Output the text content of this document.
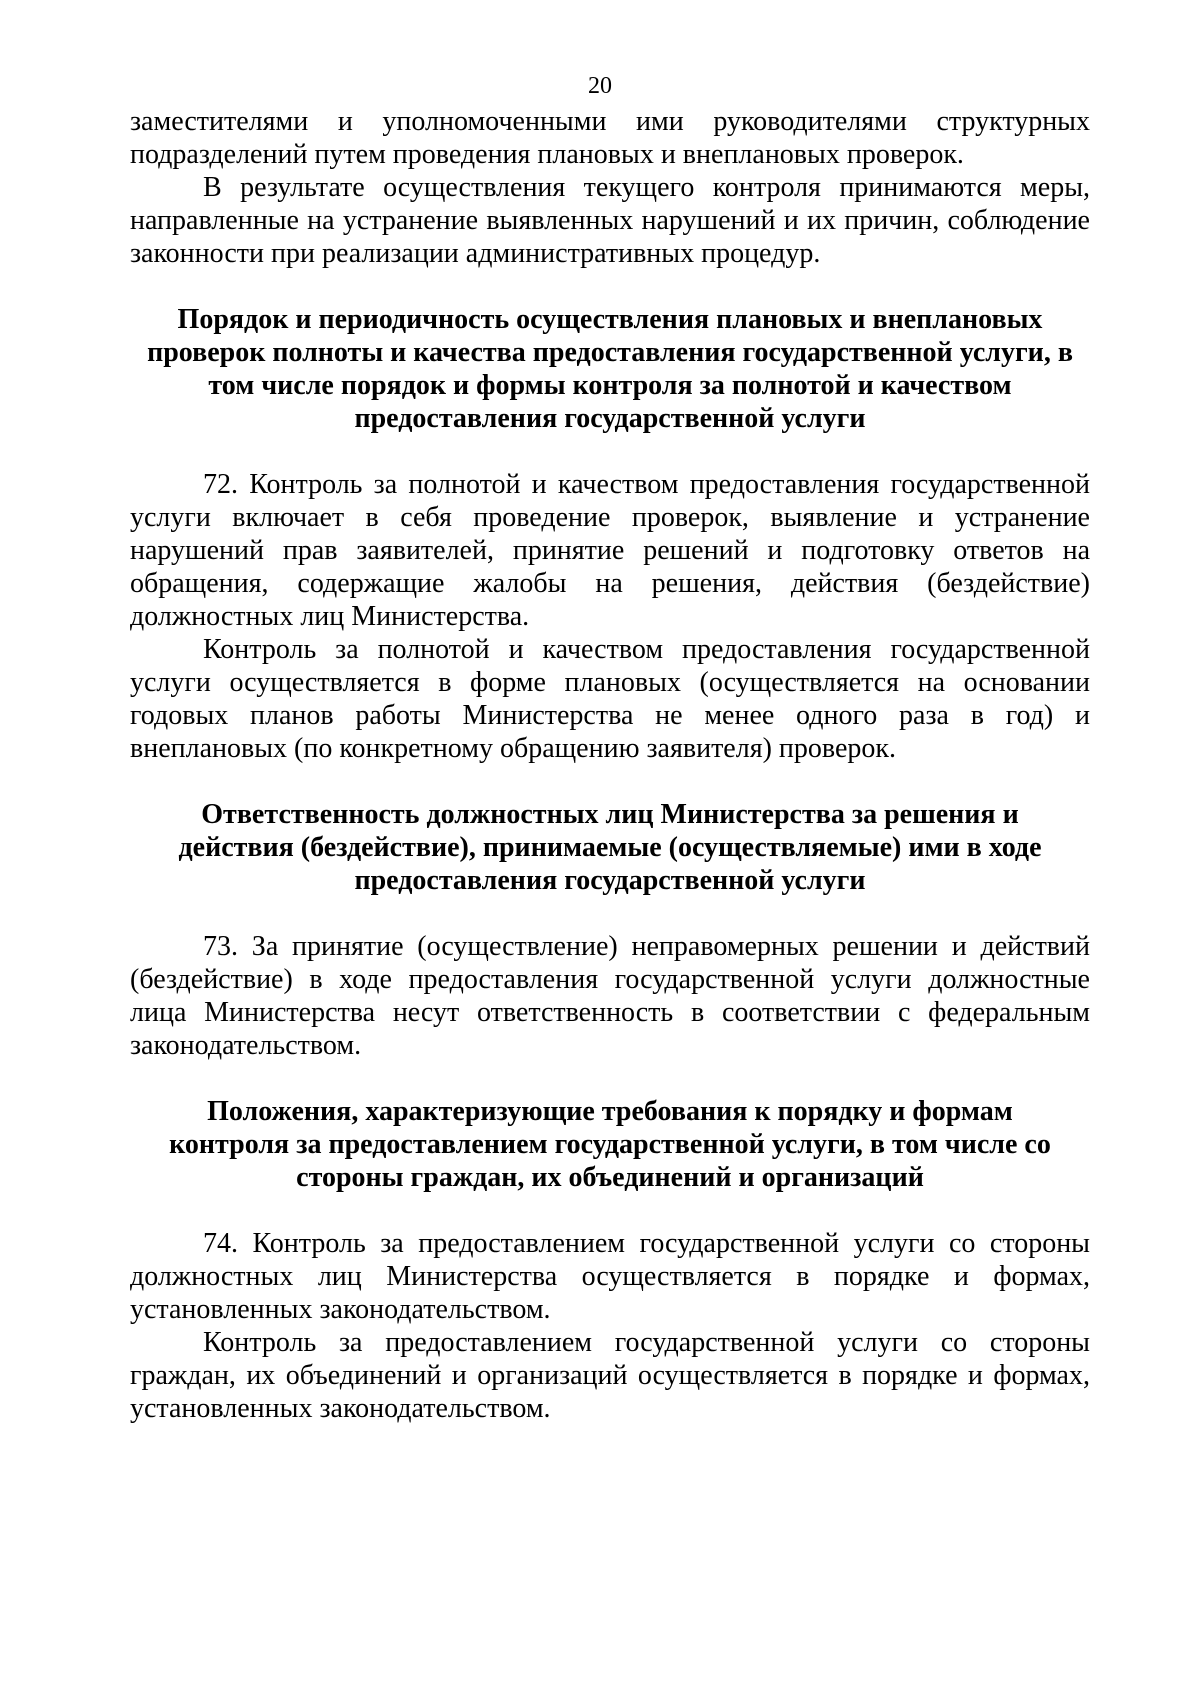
20

заместителями и уполномоченными ими руководителями структурных подразделений путем проведения плановых и внеплановых проверок.

В результате осуществления текущего контроля принимаются меры, направленные на устранение выявленных нарушений и их причин, соблюдение законности при реализации административных процедур.

Порядок и периодичность осуществления плановых и внеплановых
проверок полноты и качества предоставления государственной услуги, в
том числе порядок и формы контроля за полнотой и качеством
предоставления государственной услуги

72. Контроль за полнотой и качеством предоставления государственной услуги включает в себя проведение проверок, выявление и устранение нарушений прав заявителей, принятие решений и подготовку ответов на обращения, содержащие жалобы на решения, действия (бездействие) должностных лиц Министерства.

Контроль за полнотой и качеством предоставления государственной услуги осуществляется в форме плановых (осуществляется на основании годовых планов работы Министерства не менее одного раза в год) и внеплановых (по конкретному обращению заявителя) проверок.

Ответственность должностных лиц Министерства за решения и
действия (бездействие), принимаемые (осуществляемые) ими в ходе
предоставления государственной услуги

73. За принятие (осуществление) неправомерных решении и действий (бездействие) в ходе предоставления государственной услуги должностные лица Министерства несут ответственность в соответствии с федеральным законодательством.

Положения, характеризующие требования к порядку и формам
контроля за предоставлением государственной услуги, в том числе со
стороны граждан, их объединений и организаций

74. Контроль за предоставлением государственной услуги со стороны должностных лиц Министерства осуществляется в порядке и формах, установленных законодательством.

Контроль за предоставлением государственной услуги со стороны граждан, их объединений и организаций осуществляется в порядке и формах, установленных законодательством.
